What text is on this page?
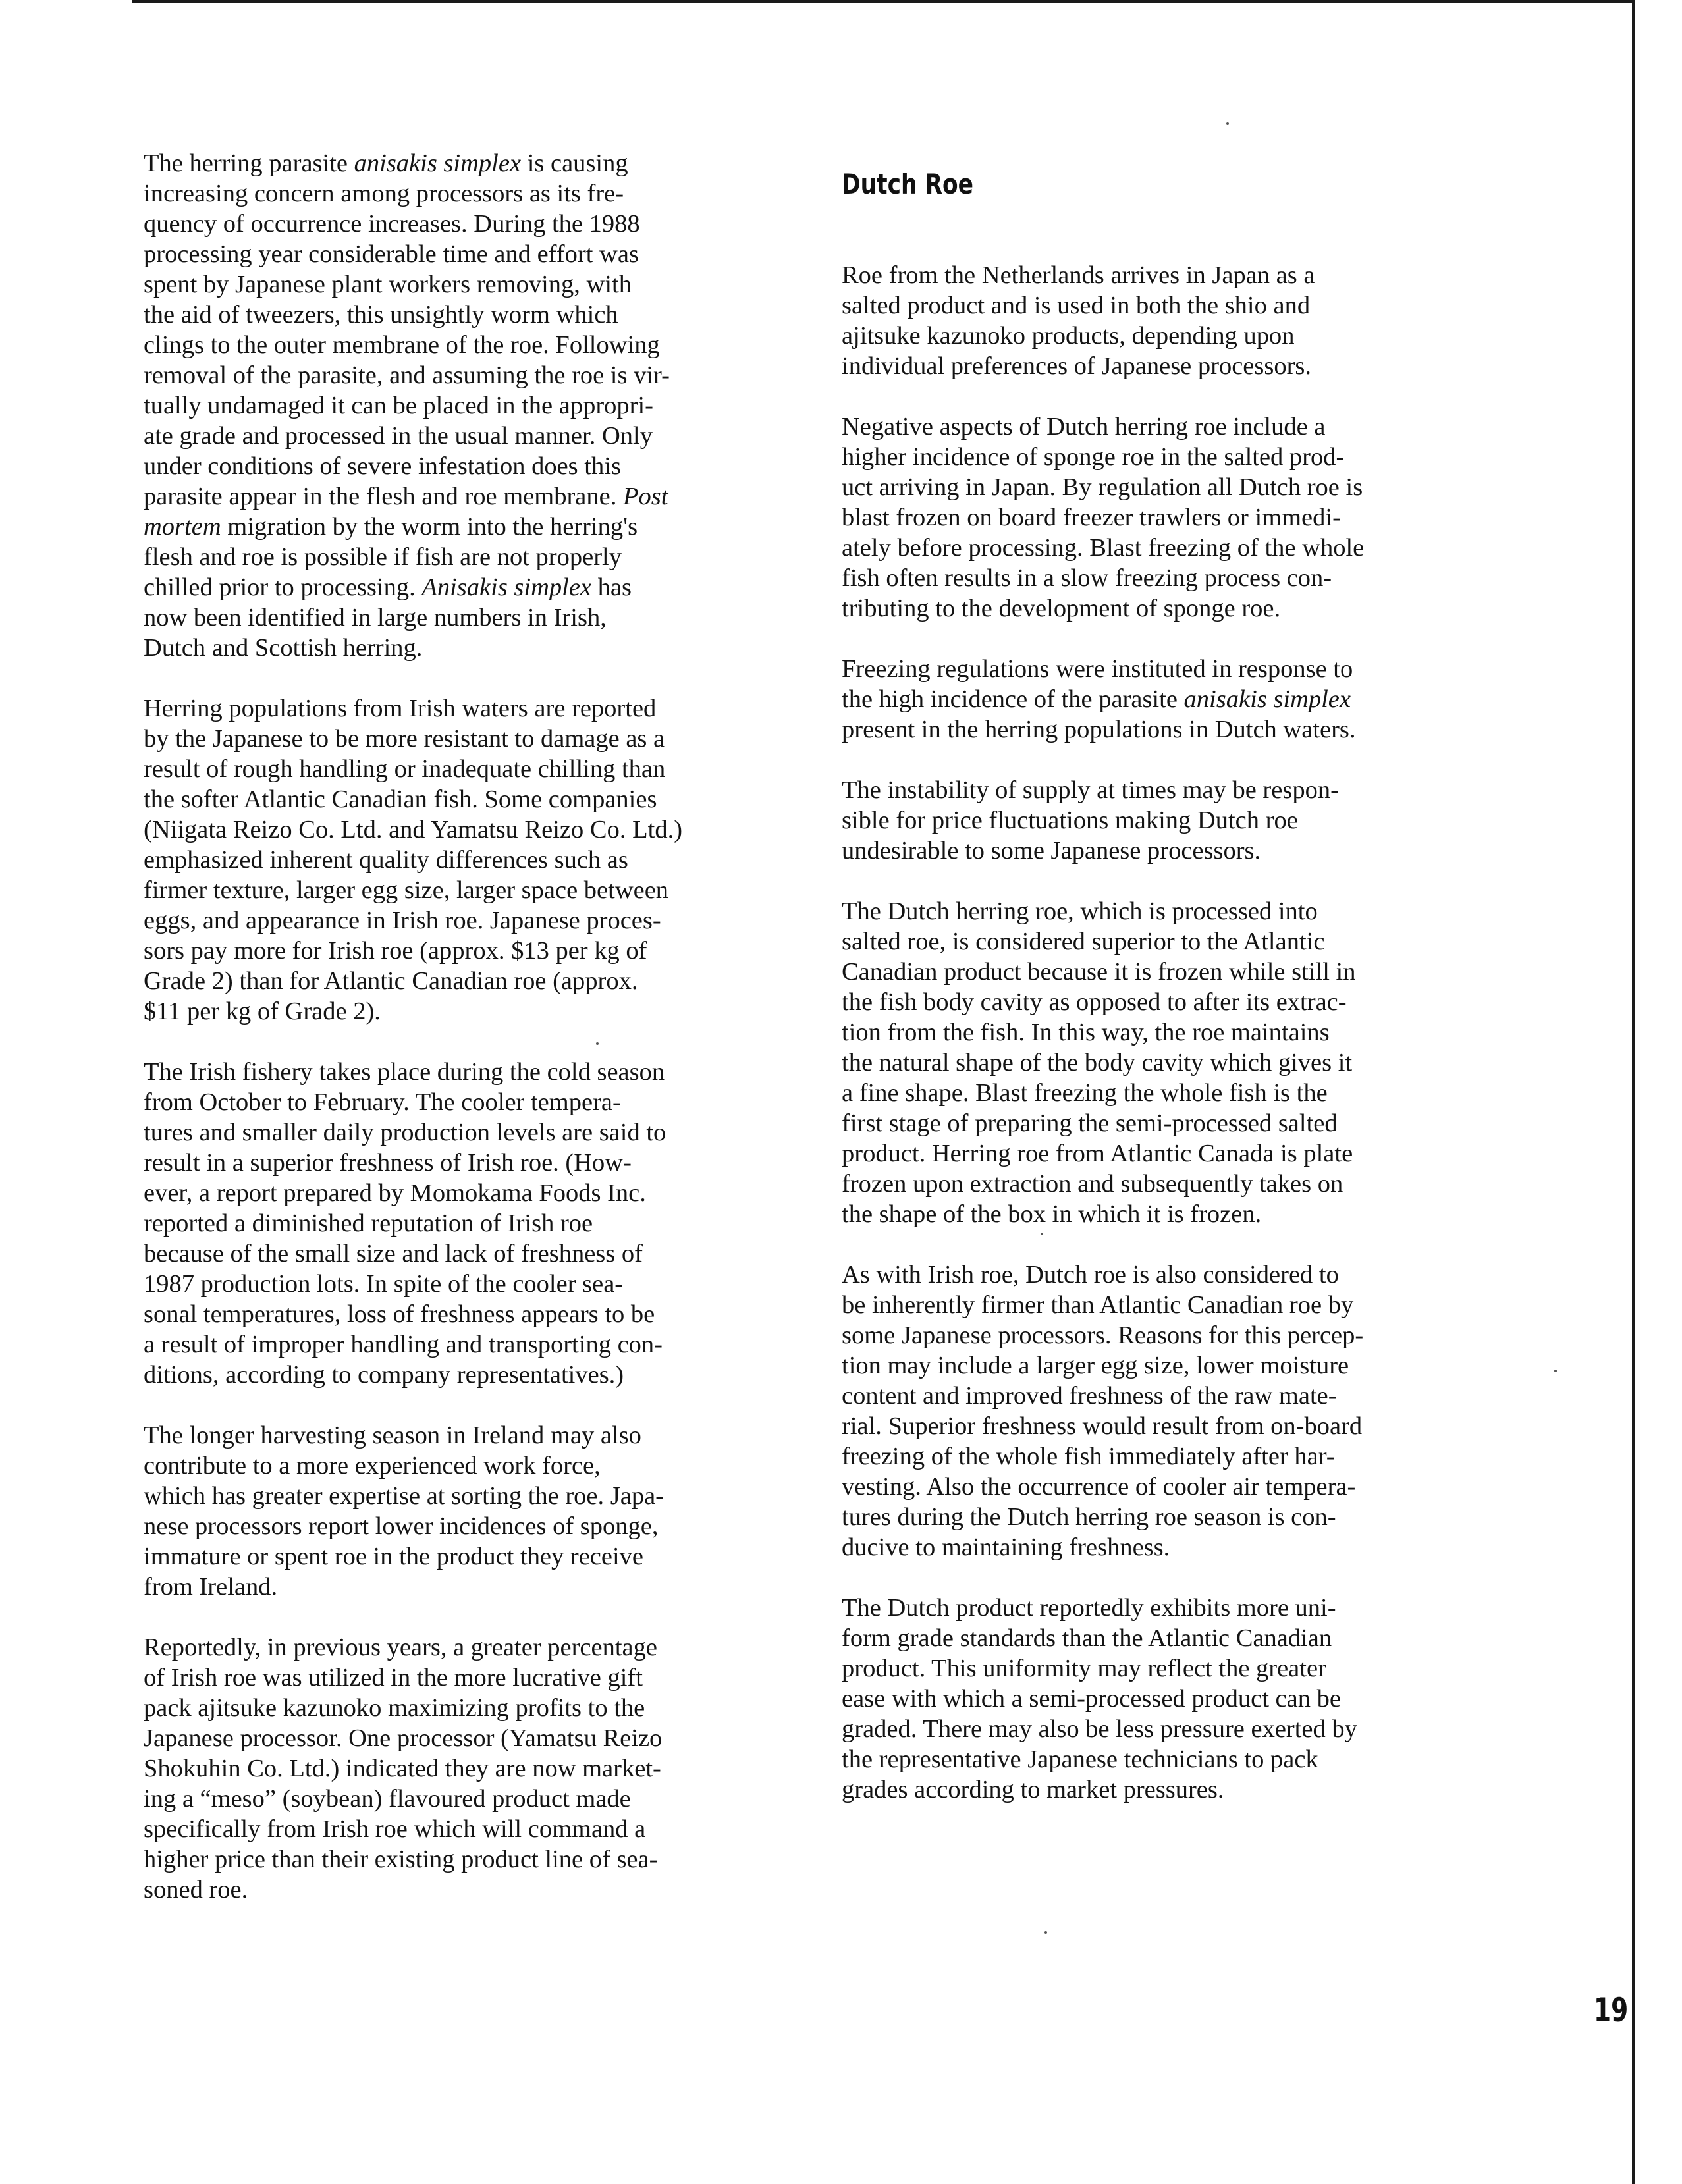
The herring parasite anisakis simplex is causing
increasing concern among processors as its fre-
quency of occurrence increases. During the 1988
processing year considerable time and effort was
spent by Japanese plant workers removing, with
the aid of tweezers, this unsightly worm which
clings to the outer membrane of the roe. Following
removal of the parasite, and assuming the roe is vir-
tually undamaged it can be placed in the appropri-
ate grade and processed in the usual manner. Only
under conditions of severe infestation does this
parasite appear in the flesh and roe membrane. Post
mortem migration by the worm into the herring's
flesh and roe is possible if fish are not properly
chilled prior to processing. Anisakis simplex has
now been identified in large numbers in Irish,
Dutch and Scottish herring.

Herring populations from Irish waters are reported
by the Japanese to be more resistant to damage as a
result of rough handling or inadequate chilling than
the softer Atlantic Canadian fish. Some companies
(Niigata Reizo Co. Ltd. and Yamatsu Reizo Co. Ltd.)
emphasized inherent quality differences such as
firmer texture, larger egg size, larger space between
eggs, and appearance in Irish roe. Japanese proces-
sors pay more for Irish roe (approx. $13 per kg of
Grade 2) than for Atlantic Canadian roe (approx.
$11 per kg of Grade 2).

The Irish fishery takes place during the cold season
from October to February. The cooler tempera-
tures and smaller daily production levels are said to
result in a superior freshness of Irish roe. (How-
ever, a report prepared by Momokama Foods Inc.
reported a diminished reputation of Irish roe
because of the small size and lack of freshness of
1987 production lots. In spite of the cooler sea-
sonal temperatures, loss of freshness appears to be
a result of improper handling and transporting con-
ditions, according to company representatives.)

The longer harvesting season in Ireland may also
contribute to a more experienced work force,
which has greater expertise at sorting the roe. Japa-
nese processors report lower incidences of sponge,
immature or spent roe in the product they receive
from Ireland.

Reportedly, in previous years, a greater percentage
of Irish roe was utilized in the more lucrative gift
pack ajitsuke kazunoko maximizing profits to the
Japanese processor. One processor (Yamatsu Reizo
Shokuhin Co. Ltd.) indicated they are now market-
ing a “meso” (soybean) flavoured product made
specifically from Irish roe which will command a
higher price than their existing product line of sea-
soned roe.

Dutch Roe

Roe from the Netherlands arrives in Japan as a
salted product and is used in both the shio and
ajitsuke kazunoko products, depending upon
individual preferences of Japanese processors.

Negative aspects of Dutch herring roe include a
higher incidence of sponge roe in the salted prod-
uct arriving in Japan. By regulation all Dutch roe is
blast frozen on board freezer trawlers or immedi-
ately before processing. Blast freezing of the whole
fish often results in a slow freezing process con-
tributing to the development of sponge roe.

Freezing regulations were instituted in response to
the high incidence of the parasite anisakis simplex
present in the herring populations in Dutch waters.

The instability of supply at times may be respon-
sible for price fluctuations making Dutch roe
undesirable to some Japanese processors.

The Dutch herring roe, which is processed into
salted roe, is considered superior to the Atlantic
Canadian product because it is frozen while still in
the fish body cavity as opposed to after its extrac-
tion from the fish. In this way, the roe maintains
the natural shape of the body cavity which gives it
a fine shape. Blast freezing the whole fish is the
first stage of preparing the semi-processed salted
product. Herring roe from Atlantic Canada is plate
frozen upon extraction and subsequently takes on
the shape of the box in which it is frozen.

As with Irish roe, Dutch roe is also considered to
be inherently firmer than Atlantic Canadian roe by
some Japanese processors. Reasons for this percep-
tion may include a larger egg size, lower moisture
content and improved freshness of the raw mate-
rial. Superior freshness would result from on-board
freezing of the whole fish immediately after har-
vesting. Also the occurrence of cooler air tempera-
tures during the Dutch herring roe season is con-
ducive to maintaining freshness.

The Dutch product reportedly exhibits more uni-
form grade standards than the Atlantic Canadian
product. This uniformity may reflect the greater
ease with which a semi-processed product can be
graded. There may also be less pressure exerted by
the representative Japanese technicians to pack
grades according to market pressures.

19
